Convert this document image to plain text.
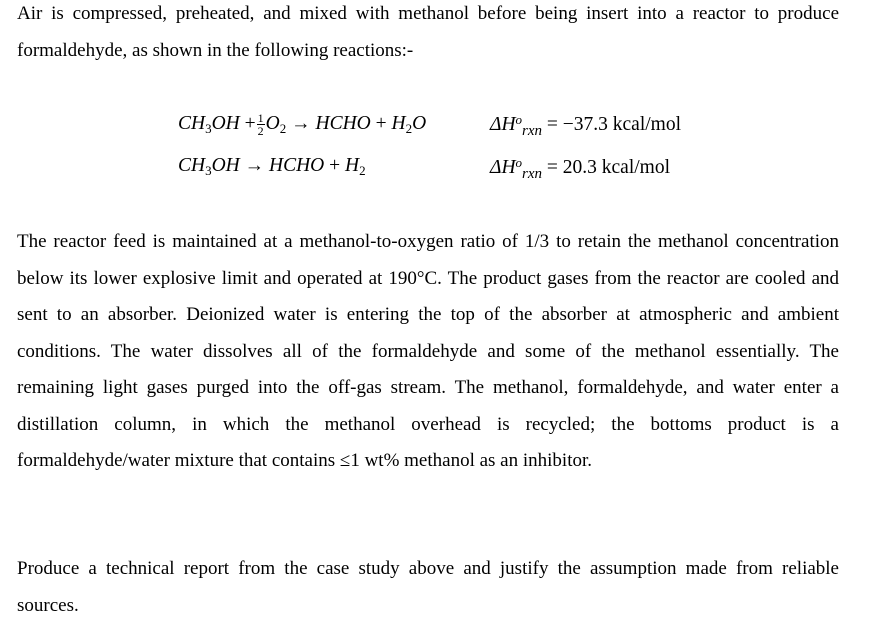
Air is compressed, preheated, and mixed with methanol before being insert into a reactor to produce formaldehyde, as shown in the following reactions:-

$CH_3OH + \frac{1}{2} O_2$ → HCHO + $H_2O$	$\Delta H^o_{rxn} = -37.3$ kcal/mol
$CH_3OH$ → HCHO + $H_2$	$\Delta H^o_{rxn} = 20.3$ kcal/mol

The reactor feed is maintained at a methanol-to-oxygen ratio of 1/3 to retain the methanol concentration below its lower explosive limit and operated at 190°C. The product gases from the reactor are cooled and sent to an absorber. Deionized water is entering the top of the absorber at atmospheric and ambient conditions. The water dissolves all of the formaldehyde and some of the methanol essentially. The remaining light gases purged into the off-gas stream. The methanol, formaldehyde, and water enter a distillation column, in which the methanol overhead is recycled; the bottoms product is a formaldehyde/water mixture that contains ≤1 wt% methanol as an inhibitor.

Produce a technical report from the case study above and justify the assumption made from reliable sources.
